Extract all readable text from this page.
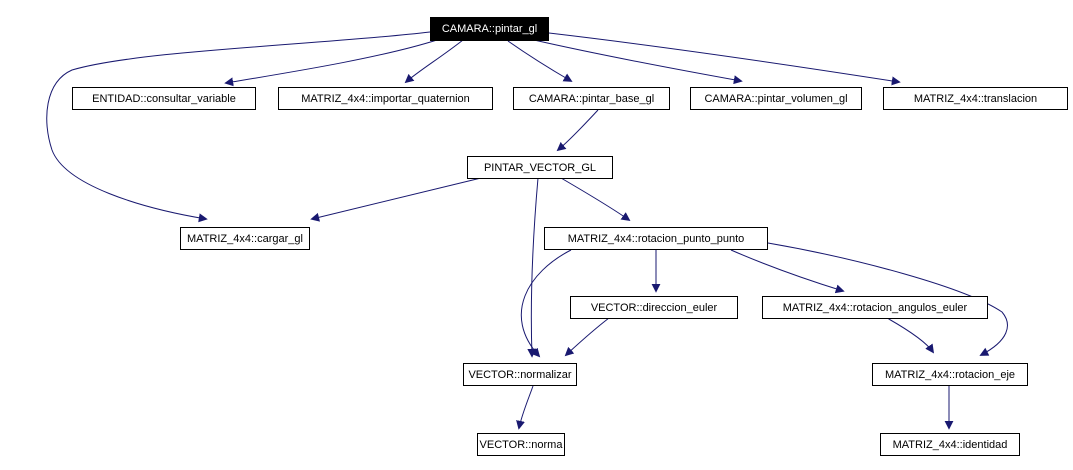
CAMARA::pintar_gl
ENTIDAD::consultar_variable	MATRIZ_4x4::importar_quaternion	CAMARA::pintar_base_gl	CAMARA::pintar_volumen_gl	MATRIZ_4x4::translacion
PINTAR_VECTOR_GL
MATRIZ_4x4::cargar_gl	MATRIZ_4x4::rotacion_punto_punto
VECTOR::direccion_euler	MATRIZ_4x4::rotacion_angulos_euler
VECTOR::normalizar	MATRIZ_4x4::rotacion_eje
VECTOR::norma	MATRIZ_4x4::identidad
